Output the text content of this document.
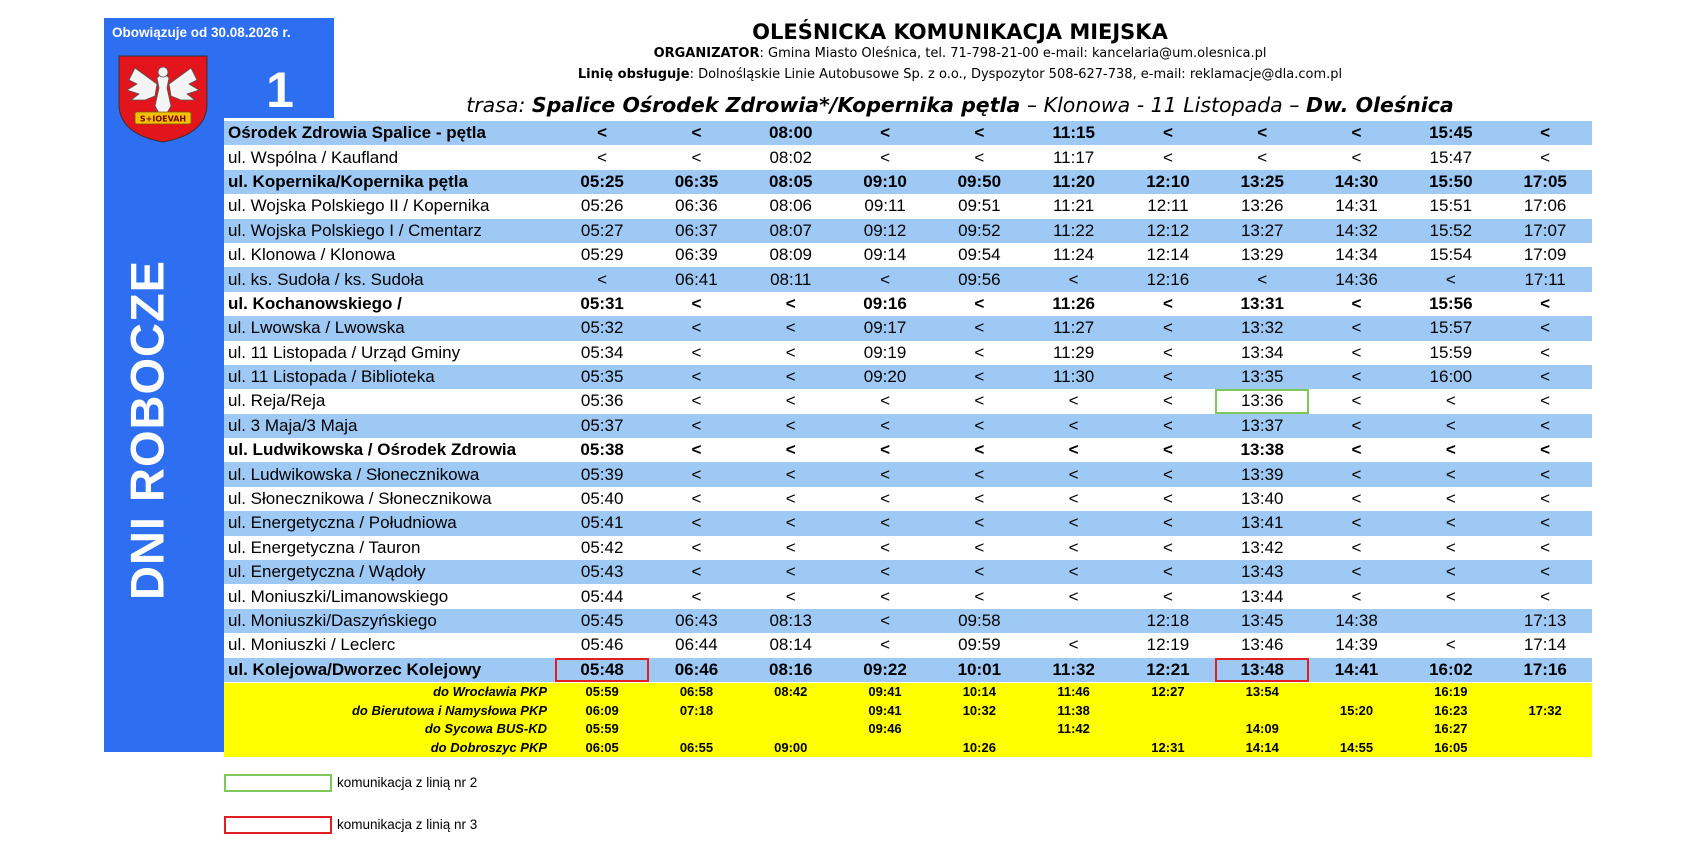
Obowiązuje od 30.08.2026 r.
1
S+IOEVAH
DNI ROBOCZE
OLEŚNICKA KOMUNIKACJA MIEJSKA
ORGANIZATOR: Gmina Miasto Oleśnica, tel. 71-798-21-00 e-mail: kancelaria@um.olesnica.pl
Linię obsługuje: Dolnośląskie Linie Autobusowe Sp. z o.o., Dyspozytor 508-627-738, e-mail: reklamacje@dla.com.pl
trasa: Spalice Ośrodek Zdrowia*/Kopernika pętla – Klonowa - 11 Listopada – Dw. Oleśnica
Ośrodek Zdrowia Spalice - pętla	<	<	08:00	<	<	11:15	<	<	<	15:45	<
ul. Wspólna / Kaufland	<	<	08:02	<	<	11:17	<	<	<	15:47	<
ul. Kopernika/Kopernika pętla	05:25	06:35	08:05	09:10	09:50	11:20	12:10	13:25	14:30	15:50	17:05
ul. Wojska Polskiego II / Kopernika	05:26	06:36	08:06	09:11	09:51	11:21	12:11	13:26	14:31	15:51	17:06
ul. Wojska Polskiego I / Cmentarz	05:27	06:37	08:07	09:12	09:52	11:22	12:12	13:27	14:32	15:52	17:07
ul. Klonowa / Klonowa	05:29	06:39	08:09	09:14	09:54	11:24	12:14	13:29	14:34	15:54	17:09
ul. ks. Sudoła / ks. Sudoła	<	06:41	08:11	<	09:56	<	12:16	<	14:36	<	17:11
ul. Kochanowskiego /	05:31	<	<	09:16	<	11:26	<	13:31	<	15:56	<
ul. Lwowska / Lwowska	05:32	<	<	09:17	<	11:27	<	13:32	<	15:57	<
ul. 11 Listopada / Urząd Gminy	05:34	<	<	09:19	<	11:29	<	13:34	<	15:59	<
ul. 11 Listopada / Biblioteka	05:35	<	<	09:20	<	11:30	<	13:35	<	16:00	<
ul. Reja/Reja	05:36	<	<	<	<	<	<	13:36	<	<	<
ul. 3 Maja/3 Maja	05:37	<	<	<	<	<	<	13:37	<	<	<
ul. Ludwikowska / Ośrodek Zdrowia	05:38	<	<	<	<	<	<	13:38	<	<	<
ul. Ludwikowska / Słonecznikowa	05:39	<	<	<	<	<	<	13:39	<	<	<
ul. Słonecznikowa / Słonecznikowa	05:40	<	<	<	<	<	<	13:40	<	<	<
ul. Energetyczna / Południowa	05:41	<	<	<	<	<	<	13:41	<	<	<
ul. Energetyczna / Tauron	05:42	<	<	<	<	<	<	13:42	<	<	<
ul. Energetyczna / Wądoły	05:43	<	<	<	<	<	<	13:43	<	<	<
ul. Moniuszki/Limanowskiego	05:44	<	<	<	<	<	<	13:44	<	<	<
ul. Moniuszki/Daszyńskiego	05:45	06:43	08:13	<	09:58		12:18	13:45	14:38		17:13
ul. Moniuszki / Leclerc	05:46	06:44	08:14	<	09:59	<	12:19	13:46	14:39	<	17:14
ul. Kolejowa/Dworzec Kolejowy	05:48	06:46	08:16	09:22	10:01	11:32	12:21	13:48	14:41	16:02	17:16
do Wrocławia PKP	05:59	06:58	08:42	09:41	10:14	11:46	12:27	13:54		16:19	
do Bierutowa i Namysłowa PKP	06:09	07:18		09:41	10:32	11:38			15:20	16:23	17:32
do Sycowa BUS-KD	05:59			09:46		11:42		14:09		16:27	
do Dobroszyc PKP	06:05	06:55	09:00		10:26		12:31	14:14	14:55	16:05	
komunikacja z linią nr 2
komunikacja z linią nr 3
